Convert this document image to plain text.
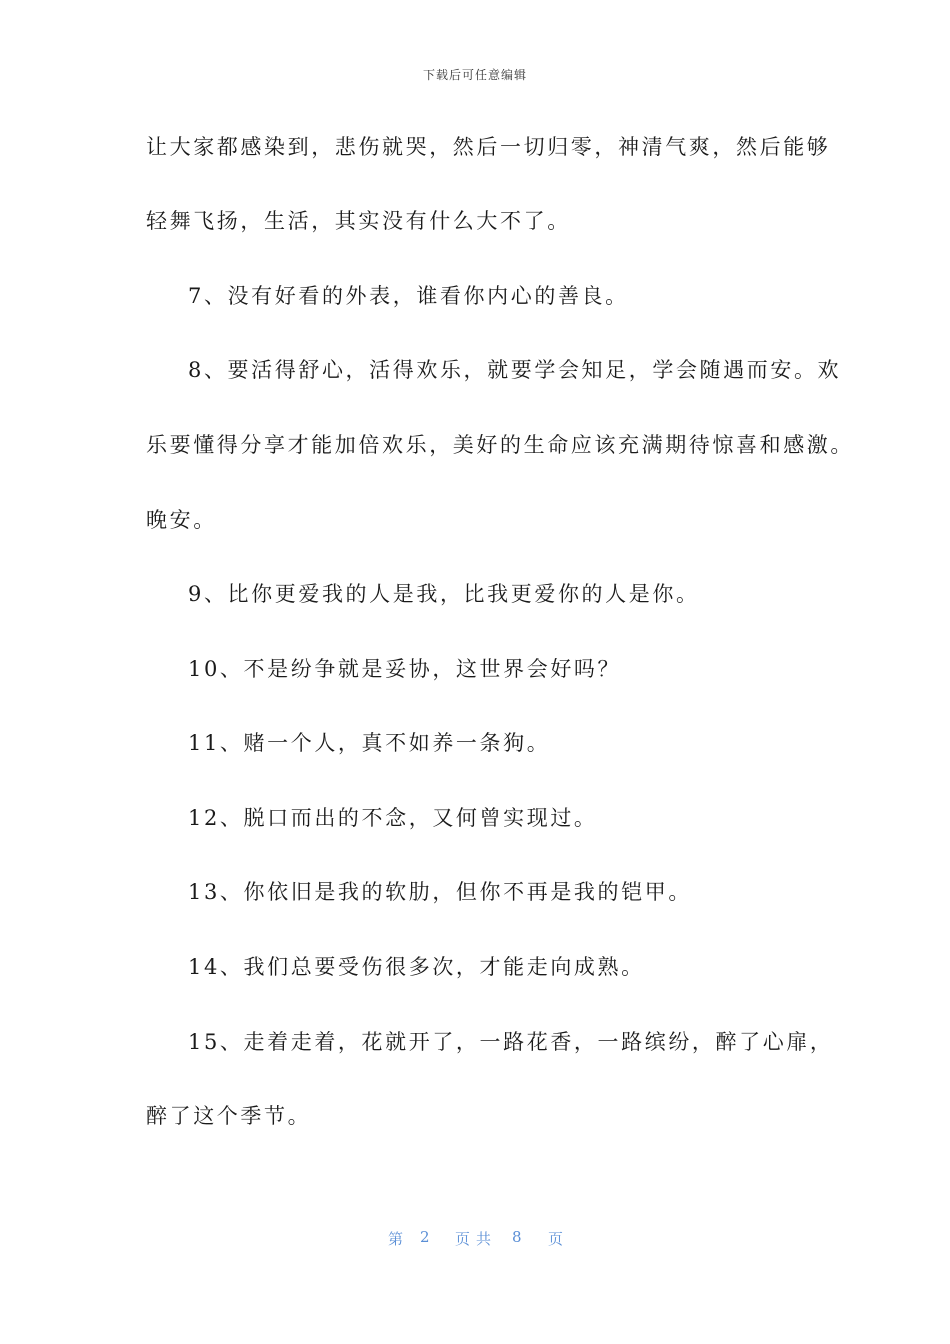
下载后可任意编辑

让大家都感染到，悲伤就哭，然后一切归零，神清气爽，然后能够

轻舞飞扬，生活，其实没有什么大不了。

7、没有好看的外表，谁看你内心的善良。

8、要活得舒心，活得欢乐，就要学会知足，学会随遇而安。欢

乐要懂得分享才能加倍欢乐，美好的生命应该充满期待惊喜和感激。

晚安。

9、比你更爱我的人是我，比我更爱你的人是你。

10、不是纷争就是妥协，这世界会好吗？

11、赌一个人，真不如养一条狗。

12、脱口而出的不念，又何曾实现过。

13、你依旧是我的软肋，但你不再是我的铠甲。

14、我们总要受伤很多次，才能走向成熟。

15、走着走着，花就开了，一路花香，一路缤纷，醉了心扉，

醉了这个季节。

第 2 页共 8 页
